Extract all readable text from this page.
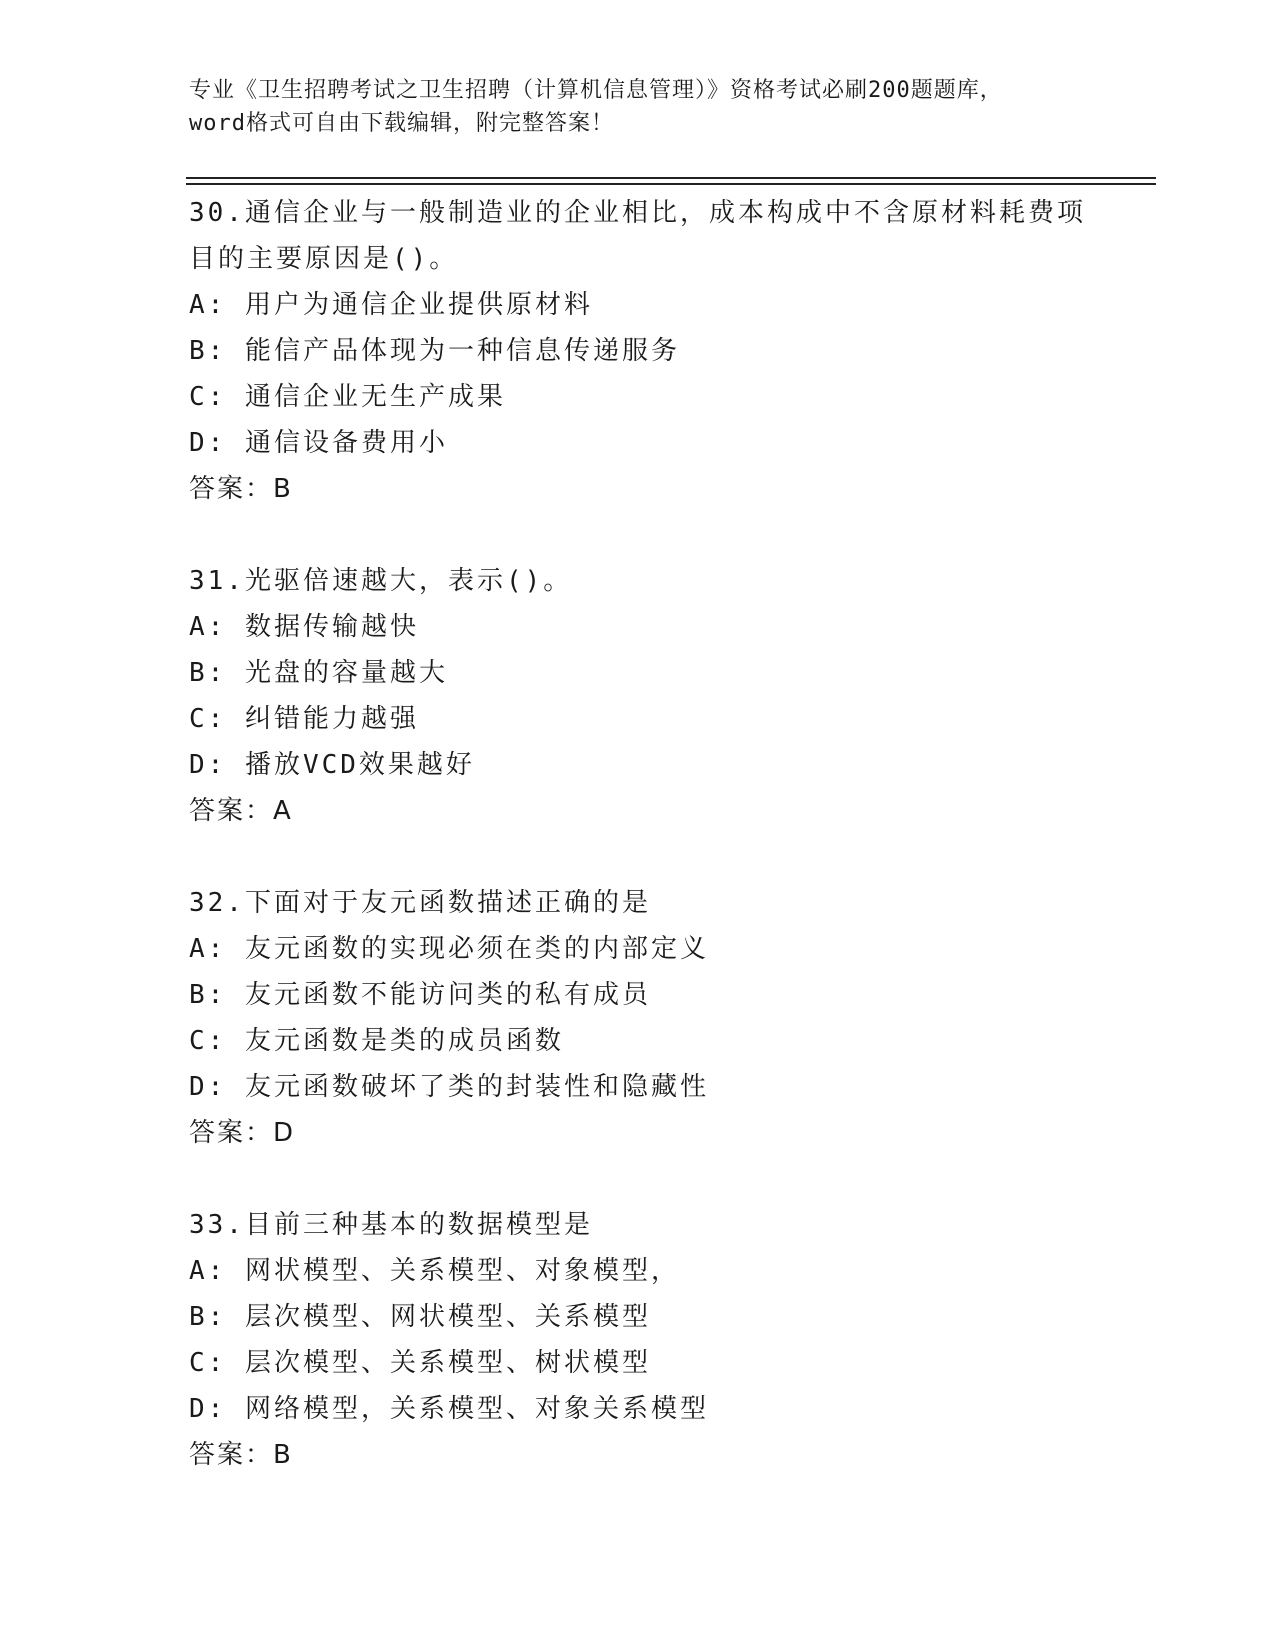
专业《卫生招聘考试之卫生招聘（计算机信息管理）》资格考试必刷200题题库，
word格式可自由下载编辑，附完整答案！
30.通信企业与一般制造业的企业相比，成本构成中不含原材料耗费项
目的主要原因是()。
A: 用户为通信企业提供原材料
B: 能信产品体现为一种信息传递服务
C: 通信企业无生产成果
D: 通信设备费用小
答案：B
31.光驱倍速越大，表示()。
A: 数据传输越快
B: 光盘的容量越大
C: 纠错能力越强
D: 播放VCD效果越好
答案：A
32.下面对于友元函数描述正确的是
A: 友元函数的实现必须在类的内部定义
B: 友元函数不能访问类的私有成员
C: 友元函数是类的成员函数
D: 友元函数破坏了类的封装性和隐藏性
答案：D
33.目前三种基本的数据模型是
A: 网状模型、关系模型、对象模型，
B: 层次模型、网状模型、关系模型
C: 层次模型、关系模型、树状模型
D: 网络模型，关系模型、对象关系模型
答案：B
